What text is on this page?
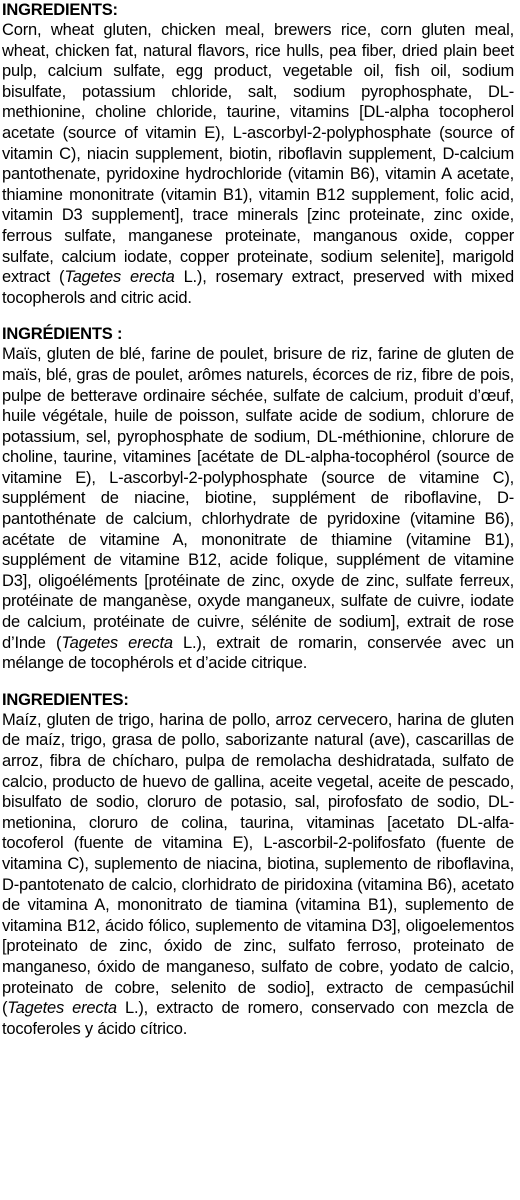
INGREDIENTS:

Corn, wheat gluten, chicken meal, brewers rice, corn gluten meal, wheat, chicken fat, natural flavors, rice hulls, pea fiber, dried plain beet pulp, calcium sulfate, egg product, vegetable oil, fish oil, sodium bisulfate, potassium chloride, salt, sodium pyrophosphate, DL-methionine, choline chloride, taurine, vitamins [DL-alpha tocopherol acetate (source of vitamin E), L-ascorbyl-2-polyphosphate (source of vitamin C), niacin supplement, biotin, riboflavin supplement, D-calcium pantothenate, pyridoxine hydrochloride (vitamin B6), vitamin A acetate, thiamine mononitrate (vitamin B1), vitamin B12 supplement, folic acid, vitamin D3 supplement], trace minerals [zinc proteinate, zinc oxide, ferrous sulfate, manganese proteinate, manganous oxide, copper sulfate, calcium iodate, copper proteinate, sodium selenite], marigold extract (Tagetes erecta L.), rosemary extract, preserved with mixed tocopherols and citric acid.

INGRÉDIENTS :

Maïs, gluten de blé, farine de poulet, brisure de riz, farine de gluten de maïs, blé, gras de poulet, arômes naturels, écorces de riz, fibre de pois, pulpe de betterave ordinaire séchée, sulfate de calcium, produit d’œuf, huile végétale, huile de poisson, sulfate acide de sodium, chlorure de potassium, sel, pyrophosphate de sodium, DL-méthionine, chlorure de choline, taurine, vitamines [acétate de DL-alpha-tocophérol (source de vitamine E), L-ascorbyl-2-polyphosphate (source de vitamine C), supplément de niacine, biotine, supplément de riboflavine, D-pantothénate de calcium, chlorhydrate de pyridoxine (vitamine B6), acétate de vitamine A, mononitrate de thiamine (vitamine B1), supplément de vitamine B12, acide folique, supplément de vitamine D3], oligoéléments [protéinate de zinc, oxyde de zinc, sulfate ferreux, protéinate de manganèse, oxyde manganeux, sulfate de cuivre, iodate de calcium, protéinate de cuivre, sélénite de sodium], extrait de rose d’Inde (Tagetes erecta L.), extrait de romarin, conservée avec un mélange de tocophérols et d’acide citrique.

INGREDIENTES:

Maíz, gluten de trigo, harina de pollo, arroz cervecero, harina de gluten de maíz, trigo, grasa de pollo, saborizante natural (ave), cascarillas de arroz, fibra de chícharo, pulpa de remolacha deshidratada, sulfato de calcio, producto de huevo de gallina, aceite vegetal, aceite de pescado, bisulfato de sodio, cloruro de potasio, sal, pirofosfato de sodio, DL-metionina, cloruro de colina, taurina, vitaminas [acetato DL-alfa-tocoferol (fuente de vitamina E), L-ascorbil-2-polifosfato (fuente de vitamina C), suplemento de niacina, biotina, suplemento de riboflavina, D-pantotenato de calcio, clorhidrato de piridoxina (vitamina B6), acetato de vitamina A, mononitrato de tiamina (vitamina B1), suplemento de vitamina B12, ácido fólico, suplemento de vitamina D3], oligoelementos [proteinato de zinc, óxido de zinc, sulfato ferroso, proteinato de manganeso, óxido de manganeso, sulfato de cobre, yodato de calcio, proteinato de cobre, selenito de sodio], extracto de cempasúchil (Tagetes erecta L.), extracto de romero, conservado con mezcla de tocoferoles y ácido cítrico.
